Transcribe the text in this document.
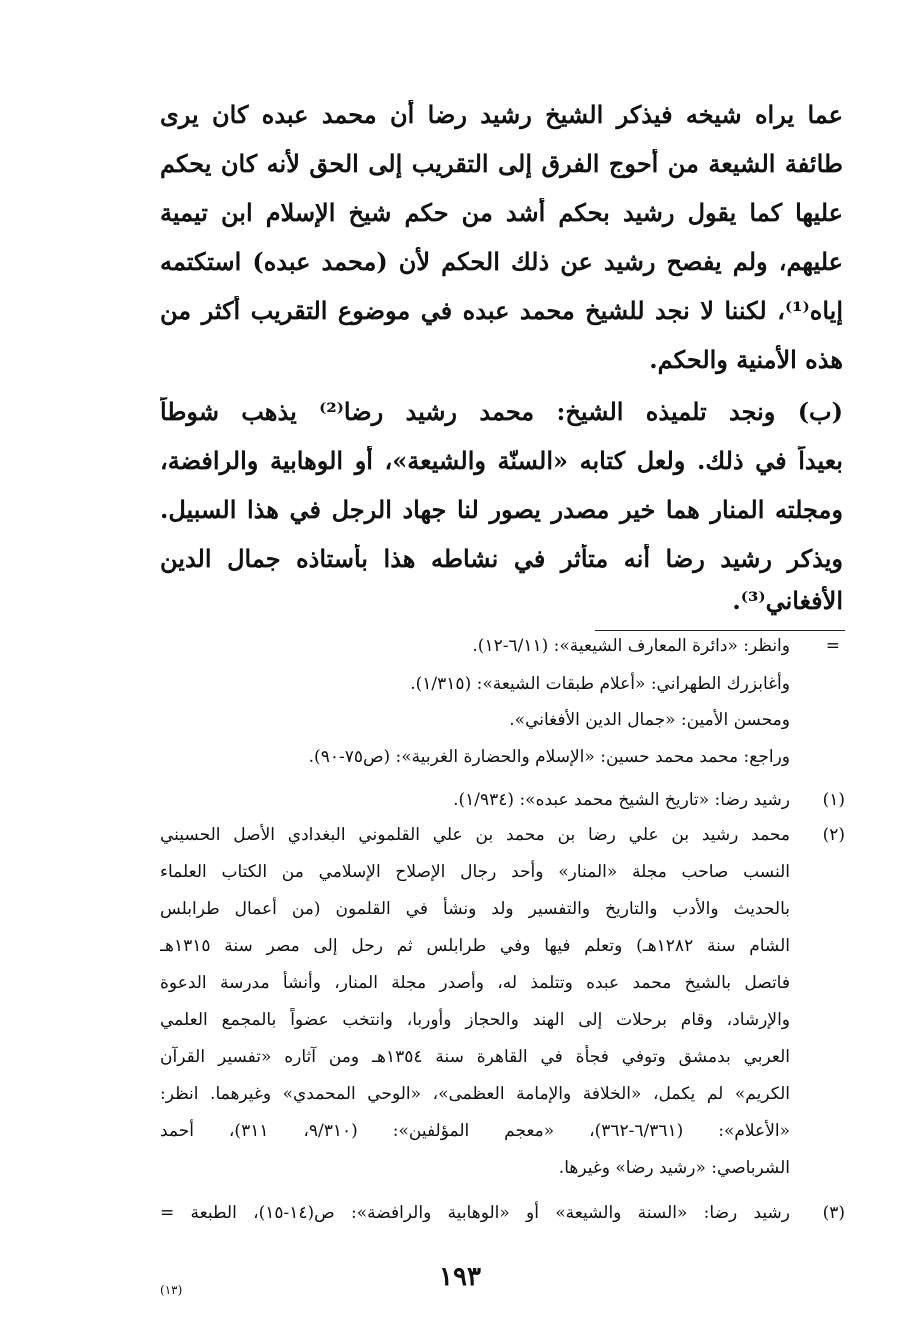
عما يراه شيخه فيذكر الشيخ رشيد رضا أن محمد عبده كان يرى
طائفة الشيعة من أحوج الفرق إلى التقريب إلى الحق لأنه كان يحكم
عليها كما يقول رشيد بحكم أشد من حكم شيخ الإسلام ابن تيمية
عليهم، ولم يفصح رشيد عن ذلك الحكم لأن (محمد عبده) استكتمه
إياه⁽¹⁾، لكننا لا نجد للشيخ محمد عبده في موضوع التقريب أكثر من
هذه الأمنية والحكم.
(ب) ونجد تلميذه الشيخ: محمد رشيد رضا⁽²⁾ يذهب شوطاً
بعيداً في ذلك. ولعل كتابه «السنّة والشيعة»، أو الوهابية والرافضة،
ومجلته المنار هما خير مصدر يصور لنا جهاد الرجل في هذا السبيل.
ويذكر رشيد رضا أنه متأثر في نشاطه هذا بأستاذه جمال الدين
الأفغاني⁽³⁾.
=
وانظر: «دائرة المعارف الشيعية»: (٦/١١-١٢).
وأغابزرك الطهراني: «أعلام طبقات الشيعة»: (١/٣١٥).
ومحسن الأمين: «جمال الدين الأفغاني».
وراجع: محمد محمد حسين: «الإسلام والحضارة الغربية»: (ص٧٥-٩٠).
(١)
رشيد رضا: «تاريخ الشيخ محمد عبده»: (١/٩٣٤).
(٢)
محمد رشيد بن علي رضا بن محمد بن علي القلموني البغدادي الأصل الحسيني
النسب صاحب مجلة «المنار» وأحد رجال الإصلاح الإسلامي من الكتاب العلماء
بالحديث والأدب والتاريخ والتفسير ولد ونشأ في القلمون (من أعمال طرابلس
الشام سنة ١٢٨٢هـ) وتعلم فيها وفي طرابلس ثم رحل إلى مصر سنة ١٣١٥هـ
فاتصل بالشيخ محمد عبده وتتلمذ له، وأصدر مجلة المنار، وأنشأ مدرسة الدعوة
والإرشاد، وقام برحلات إلى الهند والحجاز وأوربا، وانتخب عضواً بالمجمع العلمي
العربي بدمشق وتوفي فجأة في القاهرة سنة ١٣٥٤هـ ومن آثاره «تفسير القرآن
الكريم» لم يكمل، «الخلافة والإمامة العظمى»، «الوحي المحمدي» وغيرهما. انظر:
«الأعلام»: (٦/٣٦١-٣٦٢)، «معجم المؤلفين»: (٩/٣١٠، ٣١١)، أحمد
الشرباصي: «رشيد رضا» وغيرها.
(٣)
رشيد رضا: «السنة والشيعة» أو «الوهابية والرافضة»: ص(١٤-١٥)، الطبعة =
١٩٣
(١٣)
